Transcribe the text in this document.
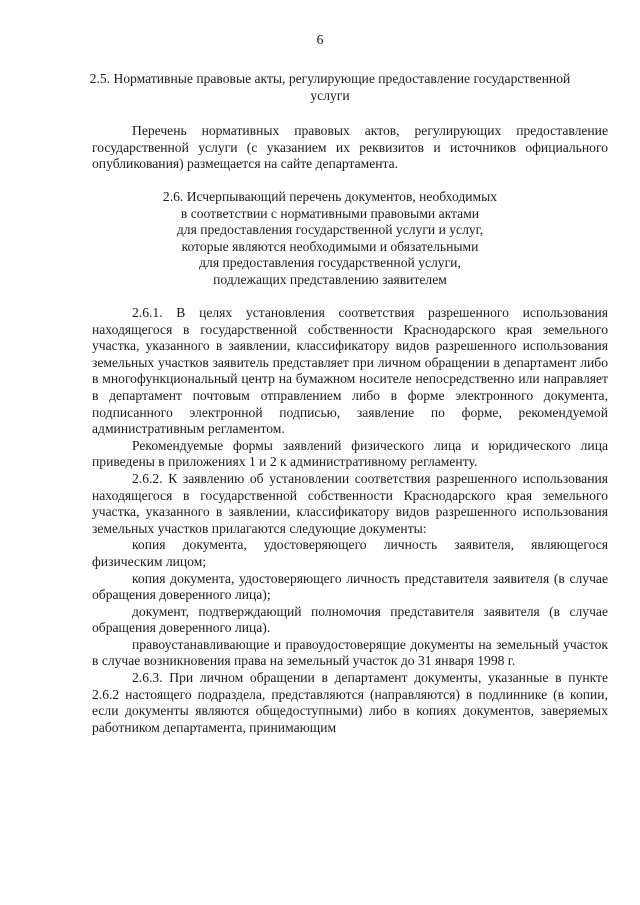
6
2.5. Нормативные правовые акты, регулирующие предоставление государственной услуги

Перечень нормативных правовых актов, регулирующих предоставление государственной услуги (с указанием их реквизитов и источников официального опубликования) размещается на сайте департамента.

2.6. Исчерпывающий перечень документов, необходимых
в соответствии с нормативными правовыми актами
для предоставления государственной услуги и услуг,
которые являются необходимыми и обязательными
для предоставления государственной услуги,
подлежащих представлению заявителем

2.6.1. В целях установления соответствия разрешенного использования находящегося в государственной собственности Краснодарского края земельного участка, указанного в заявлении, классификатору видов разрешенного использования земельных участков заявитель представляет при личном обращении в департамент либо в многофункциональный центр на бумажном носителе непосредственно или направляет в департамент почтовым отправлением либо в форме электронного документа, подписанного электронной подписью, заявление по форме, рекомендуемой административным регламентом.

Рекомендуемые формы заявлений физического лица и юридического лица приведены в приложениях 1 и 2 к административному регламенту.

2.6.2. К заявлению об установлении соответствия разрешенного использования находящегося в государственной собственности Краснодарского края земельного участка, указанного в заявлении, классификатору видов разрешенного использования земельных участков прилагаются следующие документы:

копия документа, удостоверяющего личность заявителя, являющегося физическим лицом;

копия документа, удостоверяющего личность представителя заявителя (в случае обращения доверенного лица);

документ, подтверждающий полномочия представителя заявителя (в случае обращения доверенного лица).

правоустанавливающие и правоудостоверящие документы на земельный участок в случае возникновения права на земельный участок до 31 января 1998 г.

2.6.3. При личном обращении в департамент документы, указанные в пункте 2.6.2 настоящего подраздела, представляются (направляются) в подлиннике (в копии, если документы являются общедоступными) либо в копиях документов, заверяемых работником департамента, принимающим
